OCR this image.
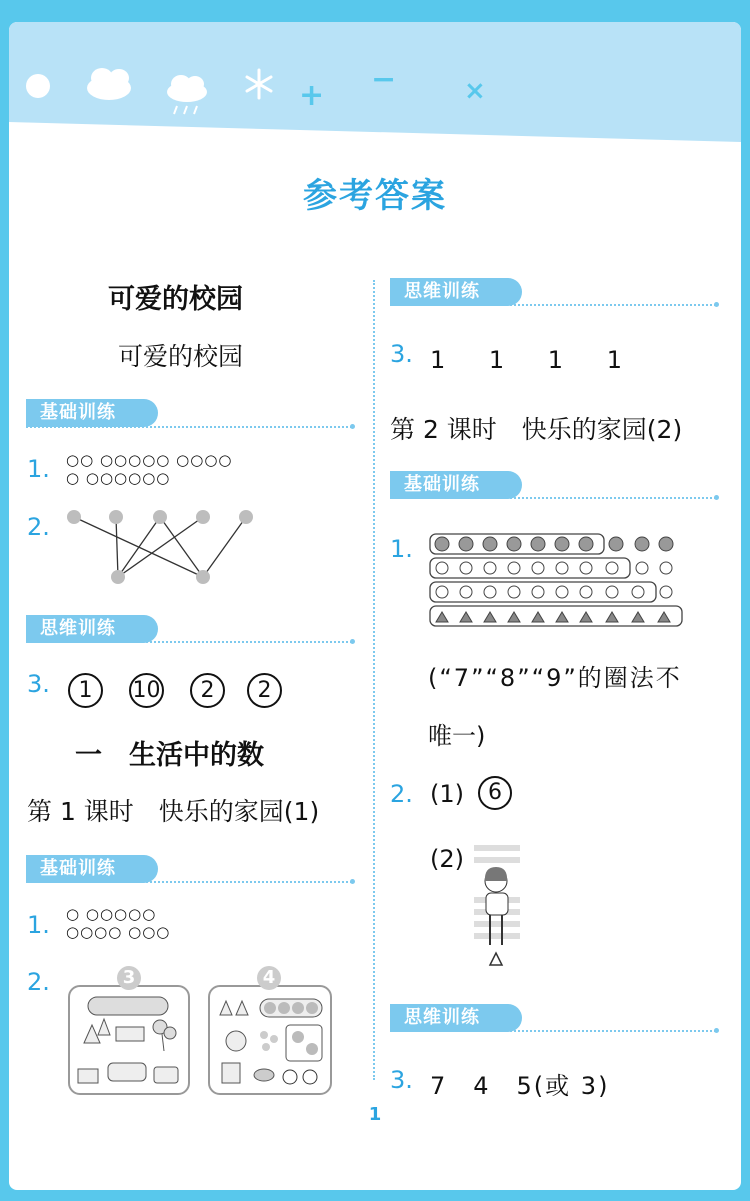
+ −	×
参考答案
可爱的校园
可爱的校园
基础训练
1. ○○ ○○○○○ ○○○○
○ ○○○○○○
2.
思维训练
3.	1 10 2 2
一　生活中的数
第 1 课时　快乐的家园(1)
基础训练
1. ○ ○○○○○
○○○○ ○○○
2.	3	4
思维训练
3. 1　 1　 1　 1
第 2 课时　快乐的家园(2)
基础训练
1.
(“7”“8”“9”的圈法不
唯一)
2. (1)	6
(2)
思维训练
3. 7　4　5(或 3)
1
